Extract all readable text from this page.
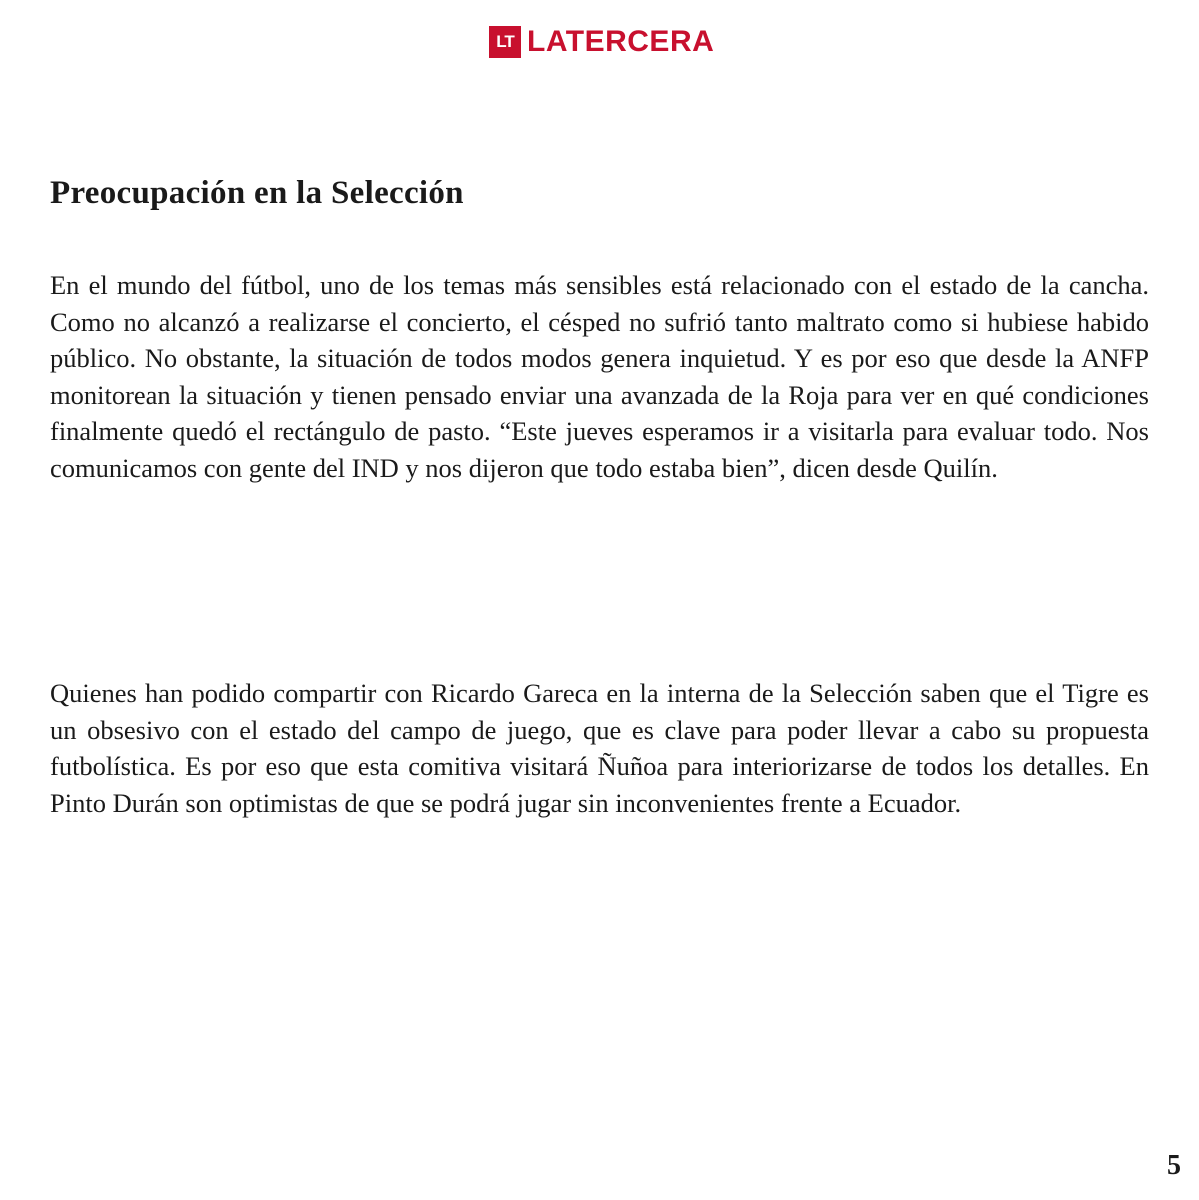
LT LATERCERA
Preocupación en la Selección

En el mundo del fútbol, uno de los temas más sensibles está relacionado con el estado de la cancha. Como no alcanzó a realizarse el concierto, el césped no sufrió tanto maltrato como si hubiese habido público. No obstante, la situación de todos modos genera inquietud. Y es por eso que desde la ANFP monitorean la situación y tienen pensado enviar una avanzada de la Roja para ver en qué condiciones finalmente quedó el rectángulo de pasto. “Este jueves esperamos ir a visitarla para evaluar todo. Nos comunicamos con gente del IND y nos dijeron que todo estaba bien”, dicen desde Quilín.

Quienes han podido compartir con Ricardo Gareca en la interna de la Selección saben que el Tigre es un obsesivo con el estado del campo de juego, que es clave para poder llevar a cabo su propuesta futbolística. Es por eso que esta comitiva visitará Ñuñoa para interiorizarse de todos los detalles. En Pinto Durán son optimistas de que se podrá jugar sin inconvenientes frente a Ecuador.

5
